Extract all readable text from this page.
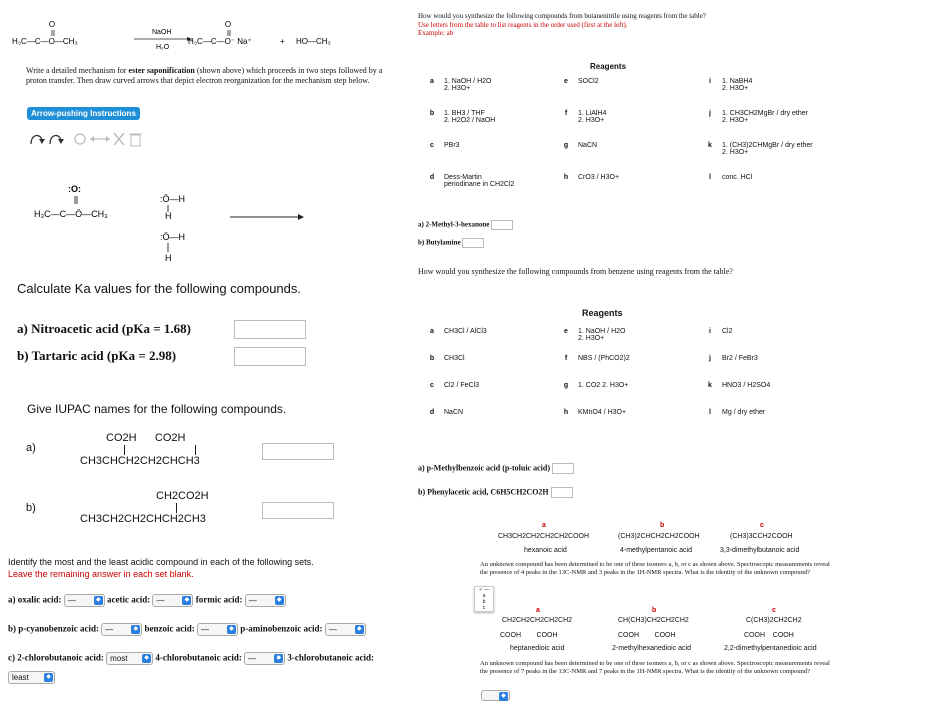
O
H₃C—C—O—CH₃
NaOH
H₂O
O
H₃C—C—O⁻ Na⁺	+ HO—CH₃
Write a detailed mechanism for ester saponification (shown above) which proceeds in two steps followed by a proton transfer. Then draw curved arrows that depict electron reorganization for the mechanism step below.
Arrow-pushing Instructions
:O:
H₃C—C—Ö—CH₃
:Ö—H
H
:Ö—H
H
Calculate Ka values for the following compounds.
a) Nitroacetic acid (pKa = 1.68)
b) Tartaric acid (pKa = 2.98)
Give IUPAC names for the following compounds.
a)
CO2H      CO2H
CH3CHCH2CH2CHCH3
b)
CH2CO2H
CH3CH2CH2CHCH2CH3
Identify the most and the least acidic compound in each of the following sets.
Leave the remaining answer in each set blank.
a) oxalic acid: —	◆ acetic acid: —	◆ formic acid: —	◆
b) p-cyanobenzoic acid: —	◆ benzoic acid: —	◆ p-aminobenzoic acid: —	◆
c) 2-chlorobutanoic acid: most	◆ 4-chlorobutanoic acid: —	◆ 3-chlorobutanoic acid:
least	◆
How would you synthesize the following compounds from butanenitrile using reagents from the table?
Use letters from the table to list reagents in the order used (first at the left).
Example: ab
Reagents
a	1. NaOH / H2O
2. H3O+	e	SOCl2	i	1. NaBH4
2. H3O+

b	1. BH3 / THF
2. H2O2 / NaOH	f	1. LiAlH4
2. H3O+	j	1. CH3CH2MgBr / dry ether
2. H3O+

c	PBr3	g	NaCN	k	1. (CH3)2CHMgBr / dry ether
2. H3O+

d	Dess-Martin
periodinane in CH2Cl2	h	CrO3 / H3O+	l	conc. HCl
a) 2-Methyl-3-hexanone
b) Butylamine
How would you synthesize the following compounds from benzene using reagents from the table?
Reagents
a	CH3Cl / AlCl3	e	1. NaOH / H2O
2. H3O+	i	Cl2

b	CH3Cl	f	NBS / (PhCO2)2	j	Br2 / FeBr3

c	Cl2 / FeCl3	g	1. CO2 2. H3O+	k	HNO3 / H2SO4

d	NaCN	h	KMnO4 / H3O+	l	Mg / dry ether
a) p-Methylbenzoic acid (p-toluic acid)
b) Phenylacetic acid, C6H5CH2CO2H
a	b	c
CH3CH2CH2CH2CH2COOH	(CH3)2CHCH2CH2COOH	(CH3)3CCH2COOH
hexanoic acid	4-methylpentanoic acid	3,3-dimethylbutanoic acid
An unknown compound has been determined to be one of three isomers a, b, or c as shown above. Spectroscopic measurements reveal the presence of 4 peaks in the 13C-NMR and 3 peaks in the 1H-NMR spectra. What is the identity of the unknown compound?
✓ —
a
b
c	a	b	c
CH2CH2CH2CH2CH2	CH(CH3)CH2CH2CH2	C(CH3)2CH2CH2
COOH        COOH	COOH        COOH	COOH    COOH
heptanedioic acid	2-methylhexanedioic acid	2,2-dimethylpentanedioic acid
An unknown compound has been determined to be one of three isomers a, b, or c as shown above. Spectroscopic measurements reveal the presence of 7 peaks in the 13C-NMR and 7 peaks in the 1H-NMR spectra. What is the identity of the unknown compound?
◆
